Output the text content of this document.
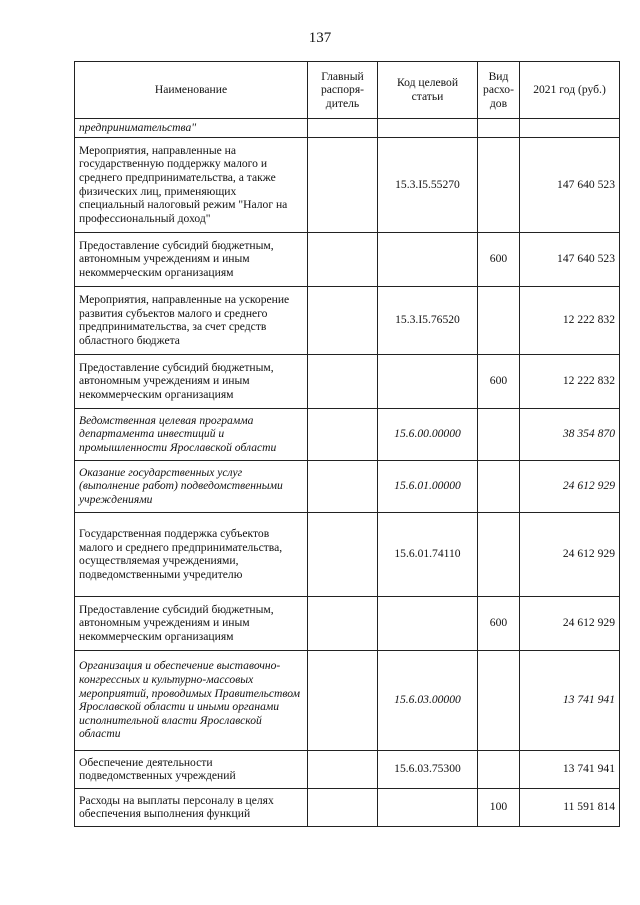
137
Наименование	Главный распоря-дитель	Код целевой статьи	Вид расхо-дов	2021 год (руб.)
предпринимательства"				
Мероприятия, направленные на государственную поддержку малого и среднего предпринимательства, а также физических лиц, применяющих специальный налоговый режим "Налог на профессиональный доход"		15.3.I5.55270		147 640 523
Предоставление субсидий бюджетным, автономным учреждениям и иным некоммерческим организациям			600	147 640 523
Мероприятия, направленные на ускорение развития субъектов малого и среднего предпринимательства, за счет средств областного бюджета		15.3.I5.76520		12 222 832
Предоставление субсидий бюджетным, автономным учреждениям и иным некоммерческим организациям			600	12 222 832
Ведомственная целевая программа департамента инвестиций и промышленности Ярославской области		15.6.00.00000		38 354 870
Оказание государственных услуг (выполнение работ) подведомственными учреждениями		15.6.01.00000		24 612 929
Государственная поддержка субъектов малого и среднего предпринимательства, осуществляемая учреждениями, подведомственными учредителю		15.6.01.74110		24 612 929
Предоставление субсидий бюджетным, автономным учреждениям и иным некоммерческим организациям			600	24 612 929
Организация и обеспечение выставочно-конгрессных и культурно-массовых мероприятий, проводимых Правительством Ярославской области и иными органами исполнительной власти Ярославской области		15.6.03.00000		13 741 941
Обеспечение деятельности подведомственных учреждений		15.6.03.75300		13 741 941
Расходы на выплаты персоналу в целях обеспечения выполнения функций			100	11 591 814
